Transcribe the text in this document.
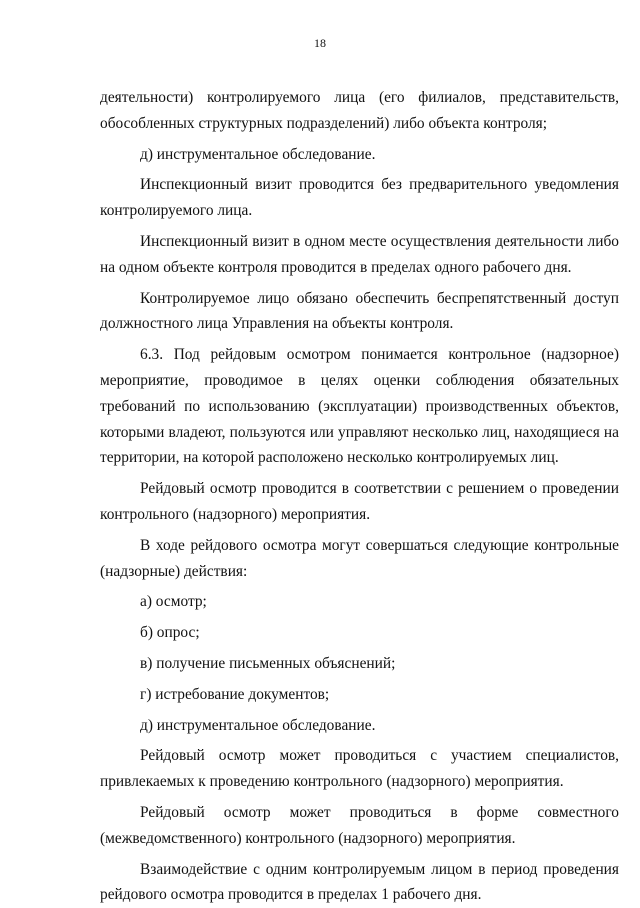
18

деятельности) контролируемого лица (его филиалов, представительств, обособленных структурных подразделений) либо объекта контроля;

д) инструментальное обследование.

Инспекционный визит проводится без предварительного уведомления контролируемого лица.

Инспекционный визит в одном месте осуществления деятельности либо на одном объекте контроля проводится в пределах одного рабочего дня.

Контролируемое лицо обязано обеспечить беспрепятственный доступ должностного лица Управления на объекты контроля.

6.3. Под рейдовым осмотром понимается контрольное (надзорное) мероприятие, проводимое в целях оценки соблюдения обязательных требований по использованию (эксплуатации) производственных объектов, которыми владеют, пользуются или управляют несколько лиц, находящиеся на территории, на которой расположено несколько контролируемых лиц.

Рейдовый осмотр проводится в соответствии с решением о проведении контрольного (надзорного) мероприятия.

В ходе рейдового осмотра могут совершаться следующие контрольные (надзорные) действия:

а) осмотр;

б) опрос;

в) получение письменных объяснений;

г) истребование документов;

д) инструментальное обследование.

Рейдовый осмотр может проводиться с участием специалистов, привлекаемых к проведению контрольного (надзорного) мероприятия.

Рейдовый осмотр может проводиться в форме совместного (межведомственного) контрольного (надзорного) мероприятия.

Взаимодействие с одним контролируемым лицом в период проведения рейдового осмотра проводится в пределах 1 рабочего дня.
